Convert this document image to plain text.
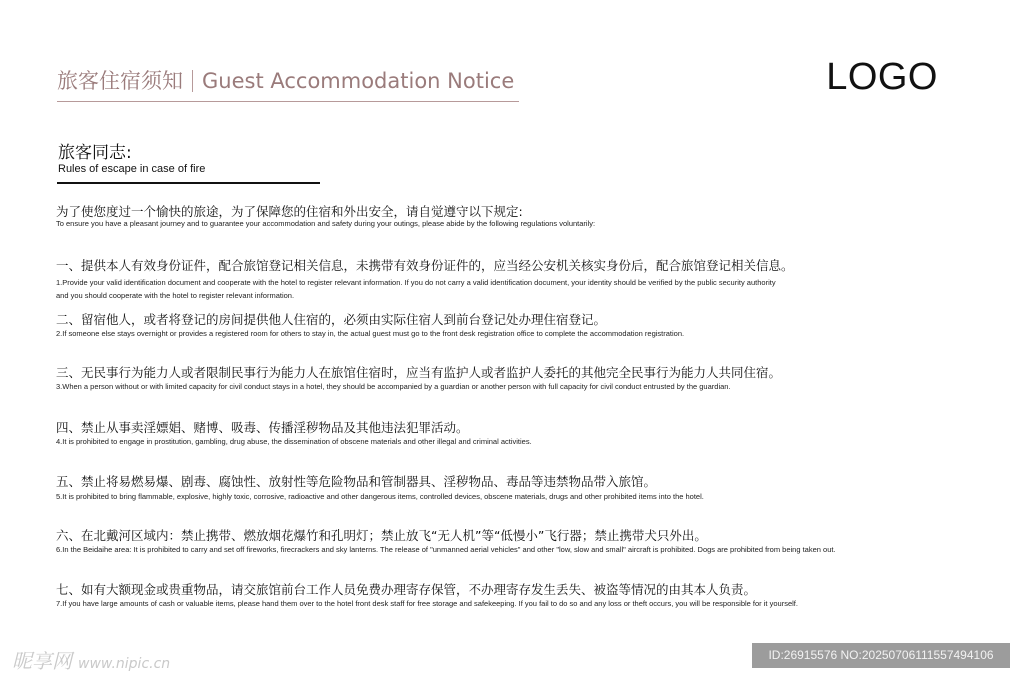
旅客住宿须知 Guest Accommodation Notice	LOGO
旅客同志:
Rules of escape in case of fire
为了使您度过一个愉快的旅途，为了保障您的住宿和外出安全，请自觉遵守以下规定:
To ensure you have a pleasant journey and to guarantee your accommodation and safety during your outings, please abide by the following regulations voluntarily:
一、提供本人有效身份证件，配合旅馆登记相关信息，未携带有效身份证件的，应当经公安机关核实身份后，配合旅馆登记相关信息。
1.Provide your valid identification document and cooperate with the hotel to register relevant information. If you do not carry a valid identification document, your identity should be verified by the public security authority
and you should cooperate with the hotel to register relevant information.
二、留宿他人，或者将登记的房间提供他人住宿的，必须由实际住宿人到前台登记处办理住宿登记。
2.If someone else stays overnight or provides a registered room for others to stay in, the actual guest must go to the front desk registration office to complete the accommodation registration.
三、无民事行为能力人或者限制民事行为能力人在旅馆住宿时，应当有监护人或者监护人委托的其他完全民事行为能力人共同住宿。
3.When a person without or with limited capacity for civil conduct stays in a hotel, they should be accompanied by a guardian or another person with full capacity for civil conduct entrusted by the guardian.
四、禁止从事卖淫嫖娼、赌博、吸毒、传播淫秽物品及其他违法犯罪活动。
4.It is prohibited to engage in prostitution, gambling, drug abuse, the dissemination of obscene materials and other illegal and criminal activities.
五、禁止将易燃易爆、剧毒、腐蚀性、放射性等危险物品和管制器具、淫秽物品、毒品等违禁物品带入旅馆。
5.It is prohibited to bring flammable, explosive, highly toxic, corrosive, radioactive and other dangerous items, controlled devices, obscene materials, drugs and other prohibited items into the hotel.
六、在北戴河区域内：禁止携带、燃放烟花爆竹和孔明灯；禁止放飞“无人机”等“低慢小”飞行器；禁止携带犬只外出。
6.In the Beidaihe area: It is prohibited to carry and set off fireworks, firecrackers and sky lanterns. The release of "unmanned aerial vehicles" and other "low, slow and small" aircraft is prohibited. Dogs are prohibited from being taken out.
七、如有大额现金或贵重物品，请交旅馆前台工作人员免费办理寄存保管，不办理寄存发生丢失、被盗等情况的由其本人负责。
7.If you have large amounts of cash or valuable items, please hand them over to the hotel front desk staff for free storage and safekeeping. If you fail to do so and any loss or theft occurs, you will be responsible for it yourself.
昵享网 www.nipic.cn
ID:26915576 NO:20250706111557494106
